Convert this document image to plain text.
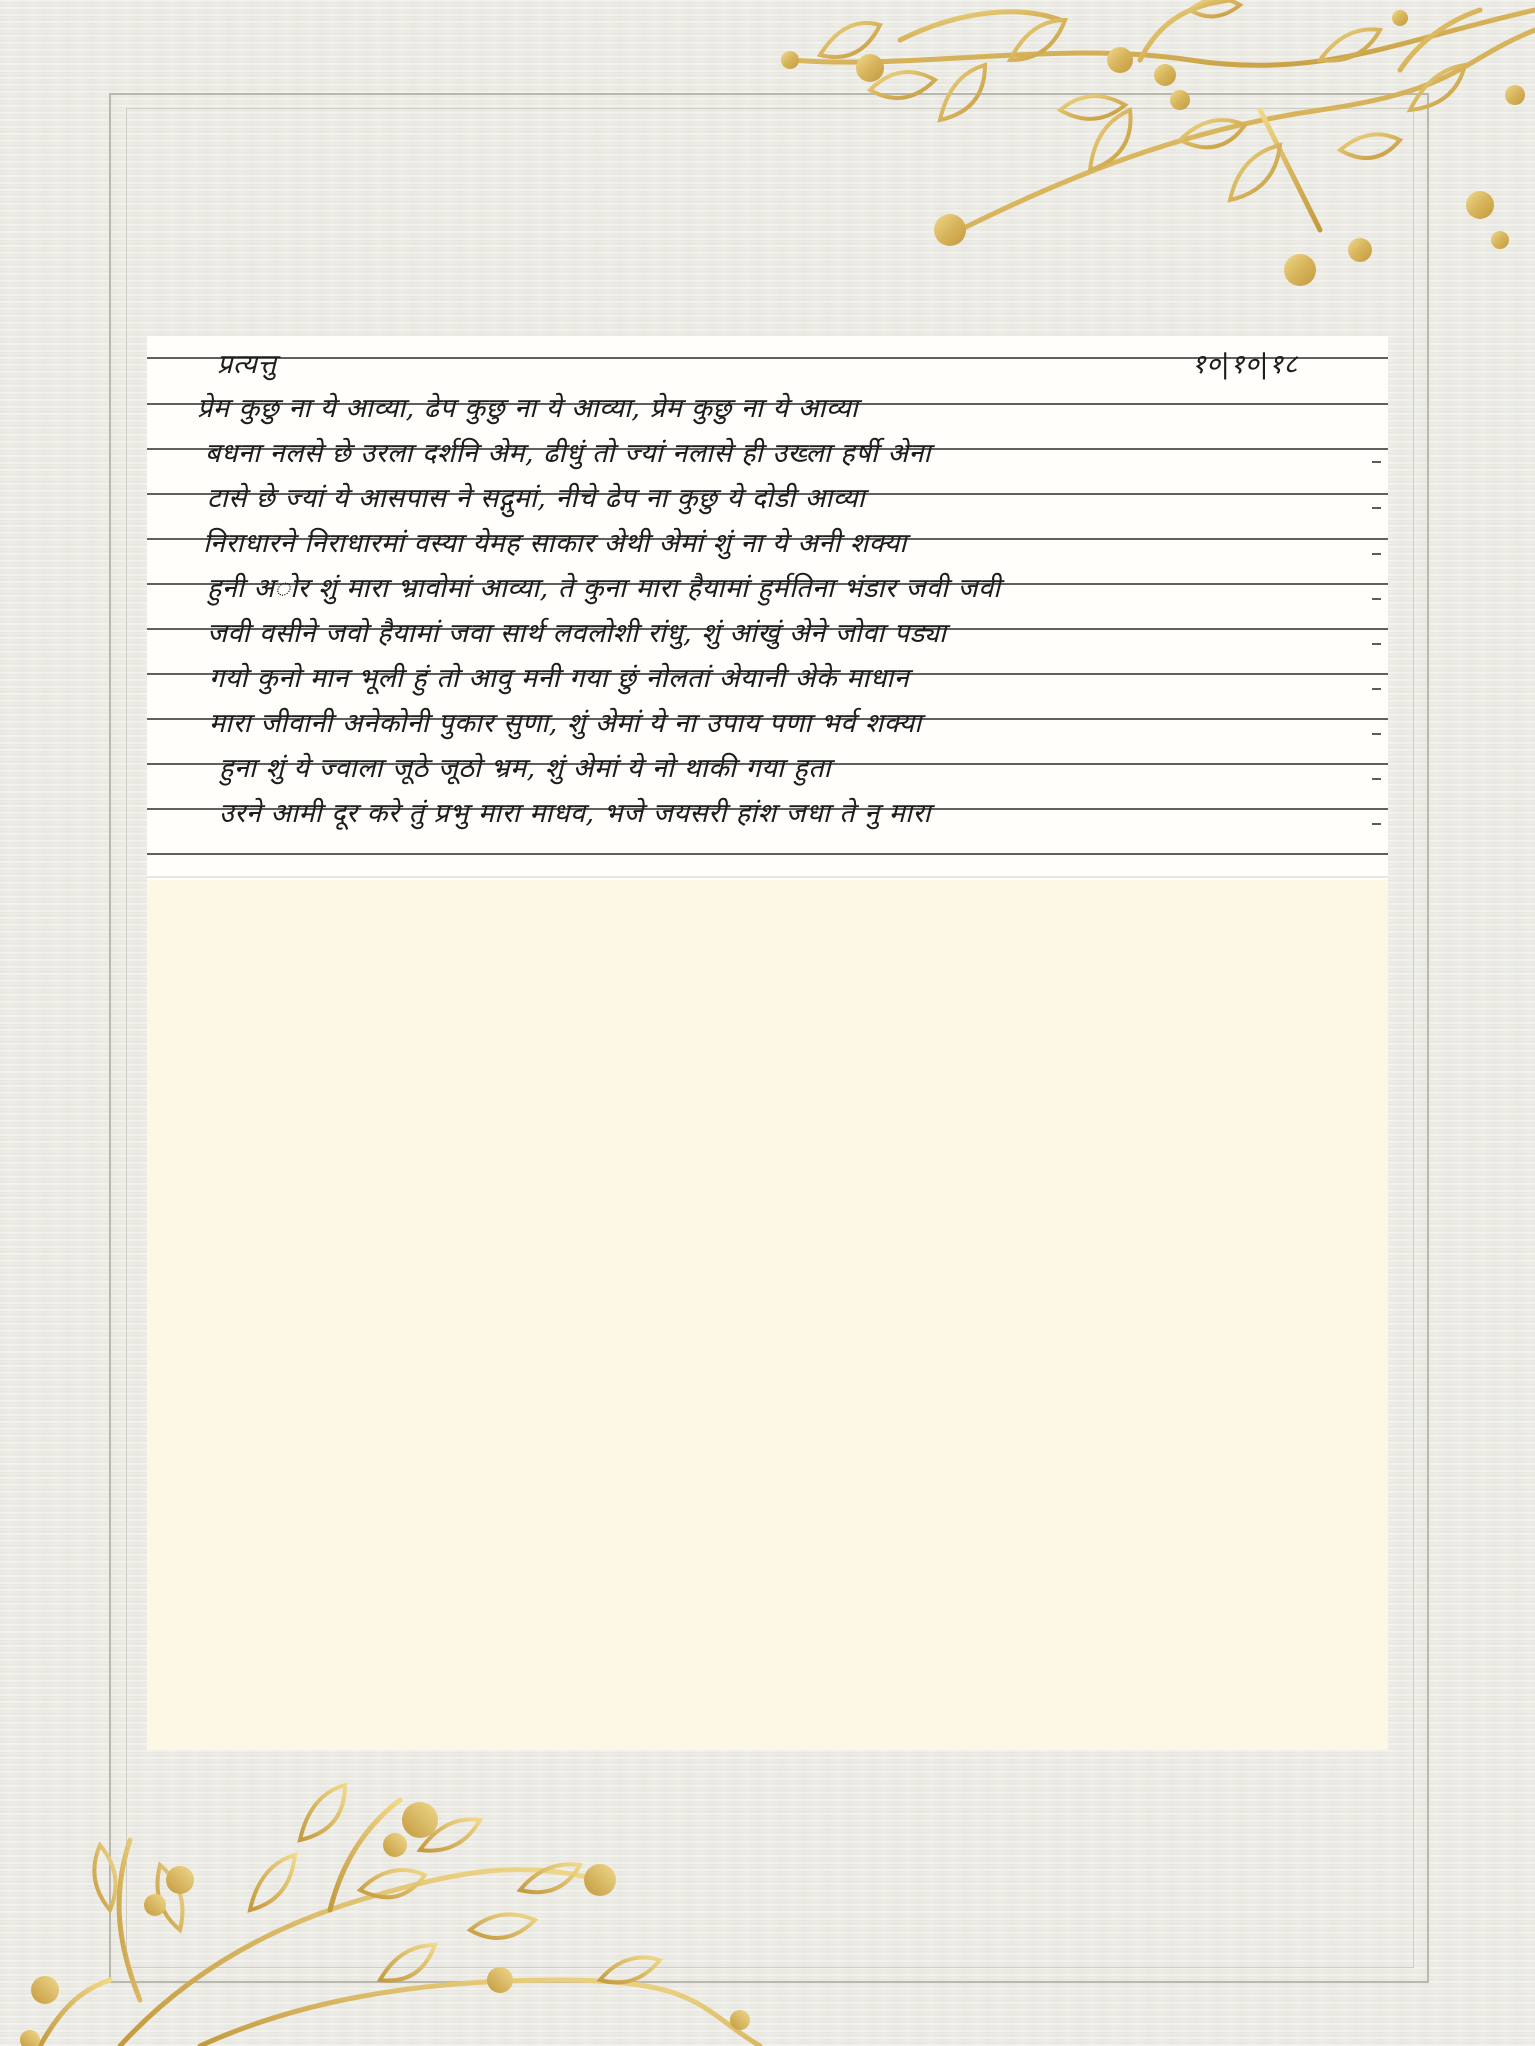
प्रत्यत्तु	१०|१०|१८
प्रेम कुछु ना ये आव्या, ढेप कुछु ना ये आव्या, प्रेम कुछु ना ये आव्या
बधना नलसे छे उरला दर्शनि अेम, ढीधुं तो ज्यां नलासे ही उख्ला हर्षी अेना
टासे छे ज्यां ये आसपास ने सद्गुमां, नीचे ढेप ना कुछु ये दोडी आव्या
निराधारने निराधारमां वस्या येमह साकार अेथी अेमां शुं ना ये अनी शक्या
हुनी अोर शुं मारा भ्रावोमां आव्या, ते कुना मारा हैयामां हुर्मतिना भंडार जवी जवी
जवी वसीने जवो हैयामां जवा सार्थ लवलोशी रांधु, शुं आंखुं अेने जोवा पड्या
गयो कुनो मान भूली हुं तो आवु मनी गया छुं नोलतां अेयानी अेके माधान
मारा जीवानी अनेकोनी पुकार सुणा, शुं अेमां ये ना उपाय पणा भर्व शक्या
हुना शुं ये ज्वाला जूठे जूठो भ्रम, शुं अेमां ये नो थाकी गया हुता
उरने आमी दूर करे तुं प्रभु मारा माधव, भजे जयसरी हांश जधा ते नु मारा
